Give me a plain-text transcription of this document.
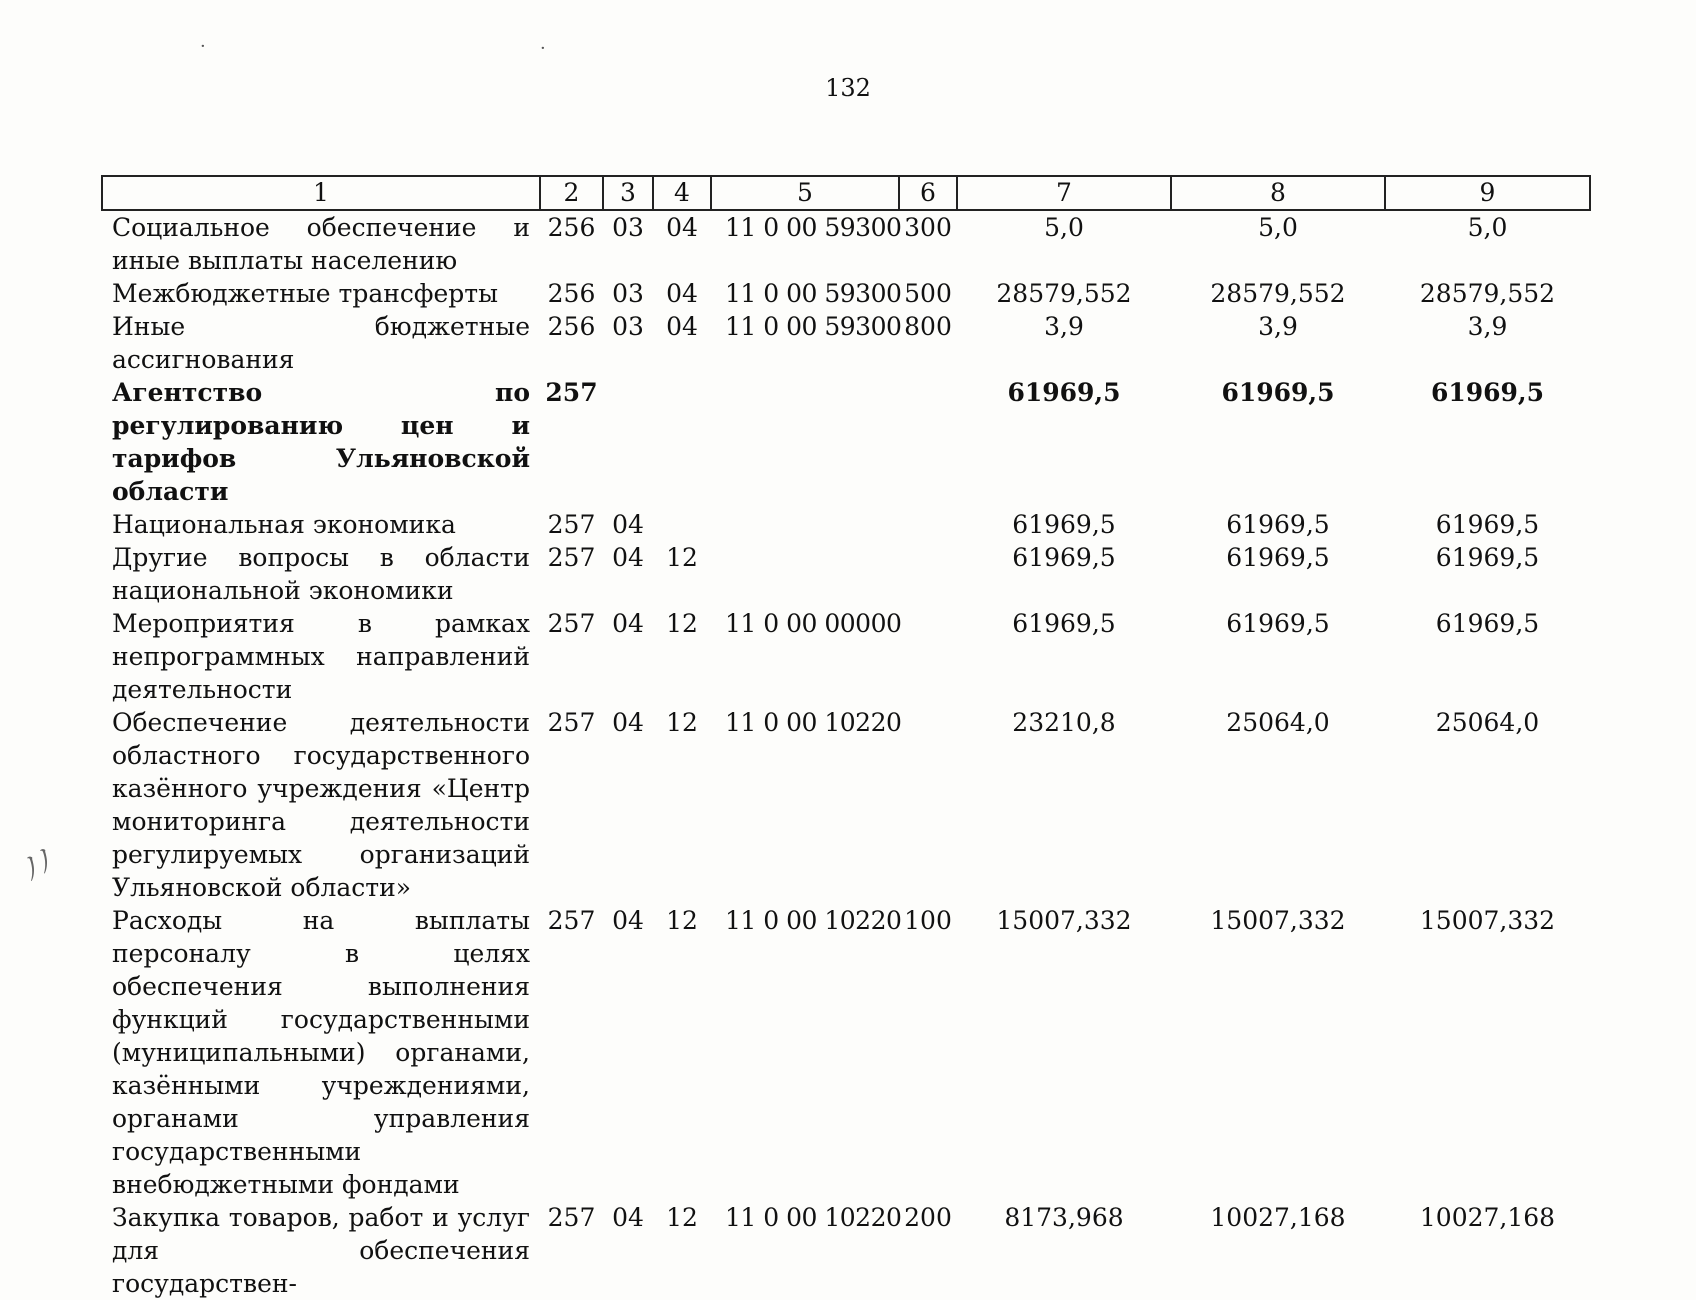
132
1	2	3	4	5	6	7	8	9
Социальное обеспечение и иные выплаты населению	256	03	04	11 0 00 59300	300	5,0	5,0	5,0
Межбюджетные трансферты	256	03	04	11 0 00 59300	500	28579,552	28579,552	28579,552
Иные бюджетные ассигнования	256	03	04	11 0 00 59300	800	3,9	3,9	3,9
Агентство по регулированию цен и тарифов Ульяновской области	257					61969,5	61969,5	61969,5
Национальная экономика	257	04				61969,5	61969,5	61969,5
Другие вопросы в области национальной экономики	257	04	12			61969,5	61969,5	61969,5
Мероприятия в рамках непрограммных направлений деятельности	257	04	12	11 0 00 00000		61969,5	61969,5	61969,5
Обеспечение деятельности областного государственного казённого учреждения «Центр мониторинга деятельности регулируемых организаций Ульяновской области»	257	04	12	11 0 00 10220		23210,8	25064,0	25064,0
Расходы на выплаты персоналу в целях обеспечения выполнения функций государственными (муниципальными) органами, казёнными учреждениями, органами управления государственными внебюджетными фондами	257	04	12	11 0 00 10220	100	15007,332	15007,332	15007,332
Закупка товаров, работ и услуг для обеспечения государствен-	257	04	12	11 0 00 10220	200	8173,968	10027,168	10027,168
·	·
ﾉﾉ
